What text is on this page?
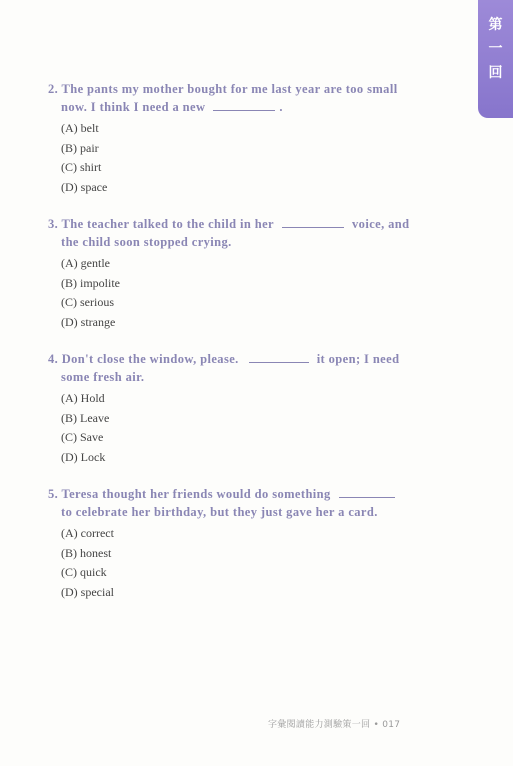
第
一
回
2. The pants my mother bought for me last year are too small
now. I think I need a new	.
(A) belt
(B) pair
(C) shirt
(D) space
3. The teacher talked to the child in her	voice, and
the child soon stopped crying.
(A) gentle
(B) impolite
(C) serious
(D) strange
4. Don't close the window, please.	it open; I need
some fresh air.
(A) Hold
(B) Leave
(C) Save
(D) Lock
5. Teresa thought her friends would do something
to celebrate her birthday, but they just gave her a card.
(A) correct
(B) honest
(C) quick
(D) special
字彙閱讀能力測驗策一回 • 017
